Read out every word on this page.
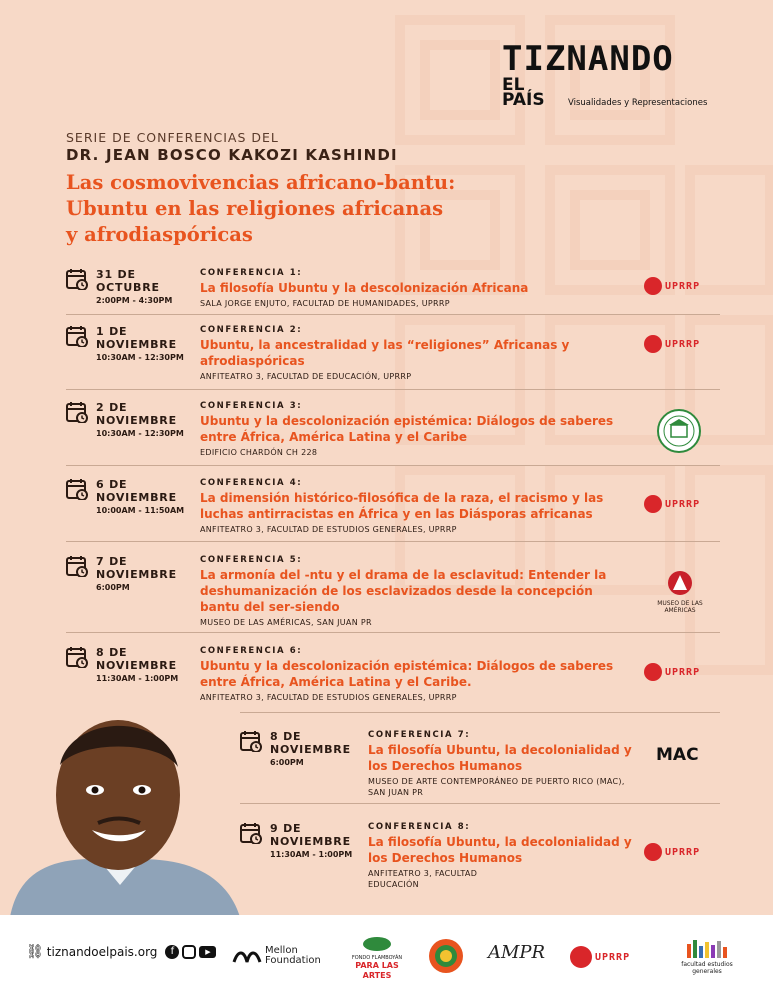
TIZNANDO
EL PAÍS	Visualidades y Representaciones
SERIE DE CONFERENCIAS DEL
DR. JEAN BOSCO KAKOZI KASHINDI
Las cosmovivencias africano-bantu:
Ubuntu en las religiones africanas
y afrodiaspóricas
31 DE OCTUBRE
2:00PM - 4:30PM
CONFERENCIA 1:
La filosofía Ubuntu y la descolonización Africana
SALA JORGE ENJUTO, FACULTAD DE HUMANIDADES, UPRRP
UPRRP
1 DE NOVIEMBRE
10:30AM - 12:30PM
CONFERENCIA 2:
Ubuntu, la ancestralidad y las “religiones” Africanas y afrodiaspóricas
ANFITEATRO 3, FACULTAD DE EDUCACIÓN, UPRRP
UPRRP
2 DE NOVIEMBRE
10:30AM - 12:30PM
CONFERENCIA 3:
Ubuntu y la descolonización epistémica: Diálogos de saberes entre África, América Latina y el Caribe
EDIFICIO CHARDÓN CH 228
6 DE NOVIEMBRE
10:00AM - 11:50AM
CONFERENCIA 4:
La dimensión histórico-filosófica de la raza, el racismo y las luchas antirracistas en África y en las Diásporas africanas
ANFITEATRO 3, FACULTAD DE ESTUDIOS GENERALES, UPRRP
UPRRP
7 DE NOVIEMBRE
6:00PM
CONFERENCIA 5:
La armonía del -ntu y el drama de la esclavitud: Entender la deshumanización de los esclavizados desde la concepción bantu del ser-siendo
MUSEO DE LAS AMÉRICAS, SAN JUAN PR
MUSEO DE LAS AMÉRICAS
8 DE NOVIEMBRE
11:30AM - 1:00PM
CONFERENCIA 6:
Ubuntu y la descolonización epistémica: Diálogos de saberes entre África, América Latina y el Caribe.
ANFITEATRO 3, FACULTAD DE ESTUDIOS GENERALES, UPRRP
UPRRP
8 DE NOVIEMBRE
6:00PM
CONFERENCIA 7:
La filosofía Ubuntu, la decolonialidad y los Derechos Humanos
MUSEO DE ARTE CONTEMPORÁNEO DE PUERTO RICO (MAC), SAN JUAN PR
MAC
9 DE NOVIEMBRE
11:30AM - 1:00PM
CONFERENCIA 8:
La filosofía Ubuntu, la decolonialidad y los Derechos Humanos
ANFITEATRO 3, FACULTAD EDUCACIÓN
UPRRP
⛓ tiznandoelpais.org	f	▶	Mellon Foundation	FONDO FLAMBOYÁN
PARA LAS ARTES
AMPR	UPRRP
facultad estudios generales
